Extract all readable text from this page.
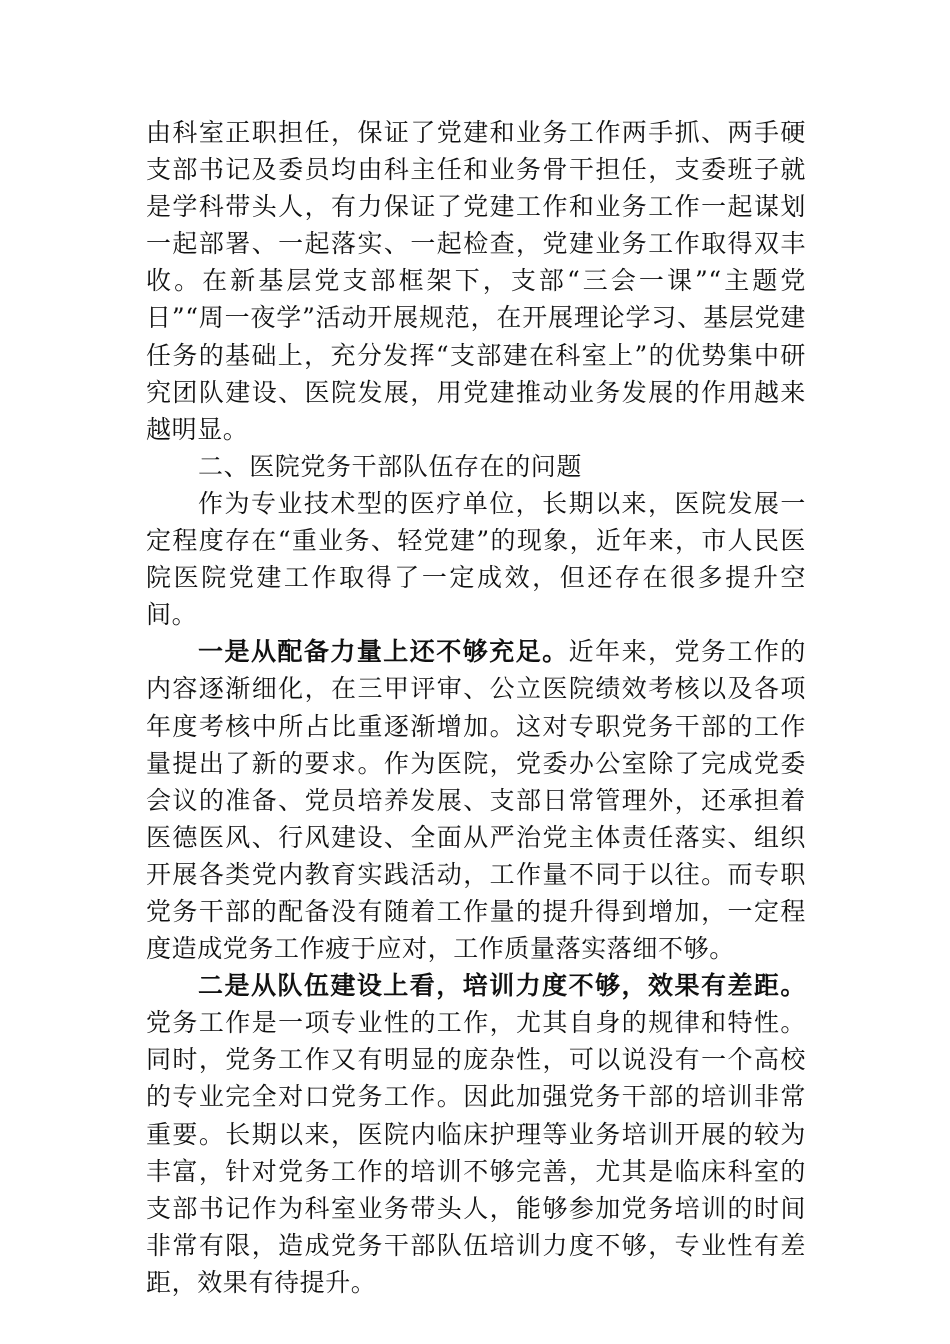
由科室正职担任，保证了党建和业务工作两手抓、两手硬支部书记及委员均由科主任和业务骨干担任，支委班子就是学科带头人，有力保证了党建工作和业务工作一起谋划一起部署、一起落实、一起检查，党建业务工作取得双丰收。在新基层党支部框架下，支部“三会一课”“主题党日”“周一夜学”活动开展规范，在开展理论学习、基层党建任务的基础上，充分发挥“支部建在科室上”的优势集中研究团队建设、医院发展，用党建推动业务发展的作用越来越明显。

二、医院党务干部队伍存在的问题

作为专业技术型的医疗单位，长期以来，医院发展一定程度存在“重业务、轻党建”的现象，近年来，市人民医院医院党建工作取得了一定成效，但还存在很多提升空间。

一是从配备力量上还不够充足。近年来，党务工作的内容逐渐细化，在三甲评审、公立医院绩效考核以及各项年度考核中所占比重逐渐增加。这对专职党务干部的工作量提出了新的要求。作为医院，党委办公室除了完成党委会议的准备、党员培养发展、支部日常管理外，还承担着医德医风、行风建设、全面从严治党主体责任落实、组织开展各类党内教育实践活动，工作量不同于以往。而专职党务干部的配备没有随着工作量的提升得到增加，一定程度造成党务工作疲于应对，工作质量落实落细不够。

二是从队伍建设上看，培训力度不够，效果有差距。党务工作是一项专业性的工作，尤其自身的规律和特性。同时，党务工作又有明显的庞杂性，可以说没有一个高校的专业完全对口党务工作。因此加强党务干部的培训非常重要。长期以来，医院内临床护理等业务培训开展的较为丰富，针对党务工作的培训不够完善，尤其是临床科室的支部书记作为科室业务带头人，能够参加党务培训的时间非常有限，造成党务干部队伍培训力度不够，专业性有差距，效果有待提升。
